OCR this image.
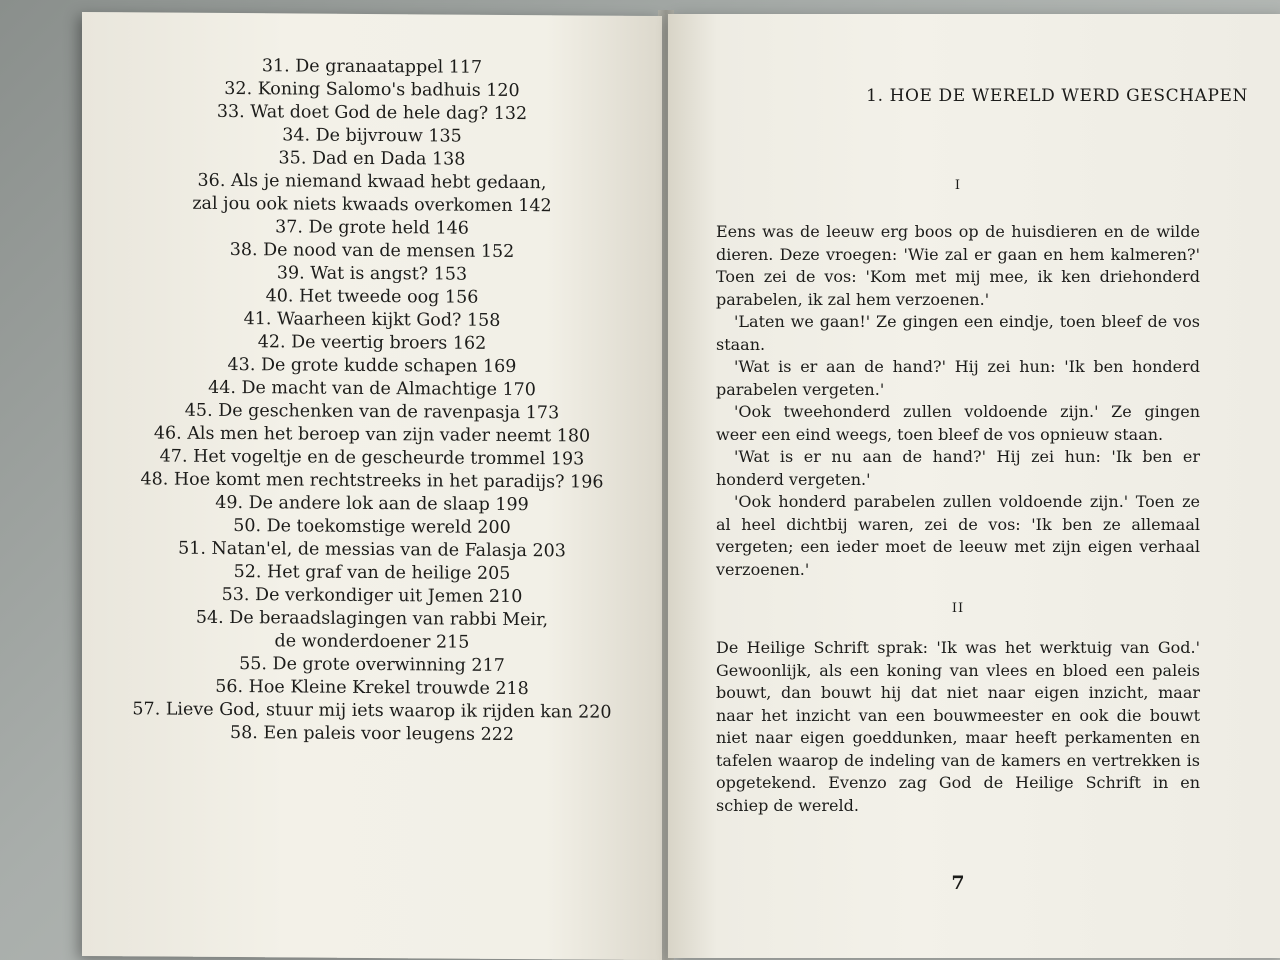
31. De granaatappel 117
32. Koning Salomo's badhuis 120
33. Wat doet God de hele dag? 132
34. De bijvrouw 135
35. Dad en Dada 138
36. Als je niemand kwaad hebt gedaan,
zal jou ook niets kwaads overkomen 142
37. De grote held 146
38. De nood van de mensen 152
39. Wat is angst? 153
40. Het tweede oog 156
41. Waarheen kijkt God? 158
42. De veertig broers 162
43. De grote kudde schapen 169
44. De macht van de Almachtige 170
45. De geschenken van de ravenpasja 173
46. Als men het beroep van zijn vader neemt 180
47. Het vogeltje en de gescheurde trommel 193
48. Hoe komt men rechtstreeks in het paradijs? 196
49. De andere lok aan de slaap 199
50. De toekomstige wereld 200
51. Natan'el, de messias van de Falasja 203
52. Het graf van de heilige 205
53. De verkondiger uit Jemen 210
54. De beraadslagingen van rabbi Meir,
de wonderdoener 215
55. De grote overwinning 217
56. Hoe Kleine Krekel trouwde 218
57. Lieve God, stuur mij iets waarop ik rijden kan 220
58. Een paleis voor leugens 222
1. HOE DE WERELD WERD GESCHAPEN

I

Eens was de leeuw erg boos op de huisdieren en de wilde dieren. Deze vroegen: 'Wie zal er gaan en hem kalmeren?' Toen zei de vos: 'Kom met mij mee, ik ken driehonderd parabelen, ik zal hem verzoenen.'

'Laten we gaan!' Ze gingen een eindje, toen bleef de vos staan.

'Wat is er aan de hand?' Hij zei hun: 'Ik ben honderd parabelen vergeten.'

'Ook tweehonderd zullen voldoende zijn.' Ze gingen weer een eind weegs, toen bleef de vos opnieuw staan.

'Wat is er nu aan de hand?' Hij zei hun: 'Ik ben er honderd vergeten.'

'Ook honderd parabelen zullen voldoende zijn.' Toen ze al heel dichtbij waren, zei de vos: 'Ik ben ze allemaal vergeten; een ieder moet de leeuw met zijn eigen verhaal verzoenen.'

II

De Heilige Schrift sprak: 'Ik was het werktuig van God.' Gewoonlijk, als een koning van vlees en bloed een paleis bouwt, dan bouwt hij dat niet naar eigen inzicht, maar naar het inzicht van een bouwmeester en ook die bouwt niet naar eigen goeddunken, maar heeft perkamenten en tafelen waarop de indeling van de kamers en vertrekken is opgetekend. Evenzo zag God de Heilige Schrift in en schiep de wereld.

7
